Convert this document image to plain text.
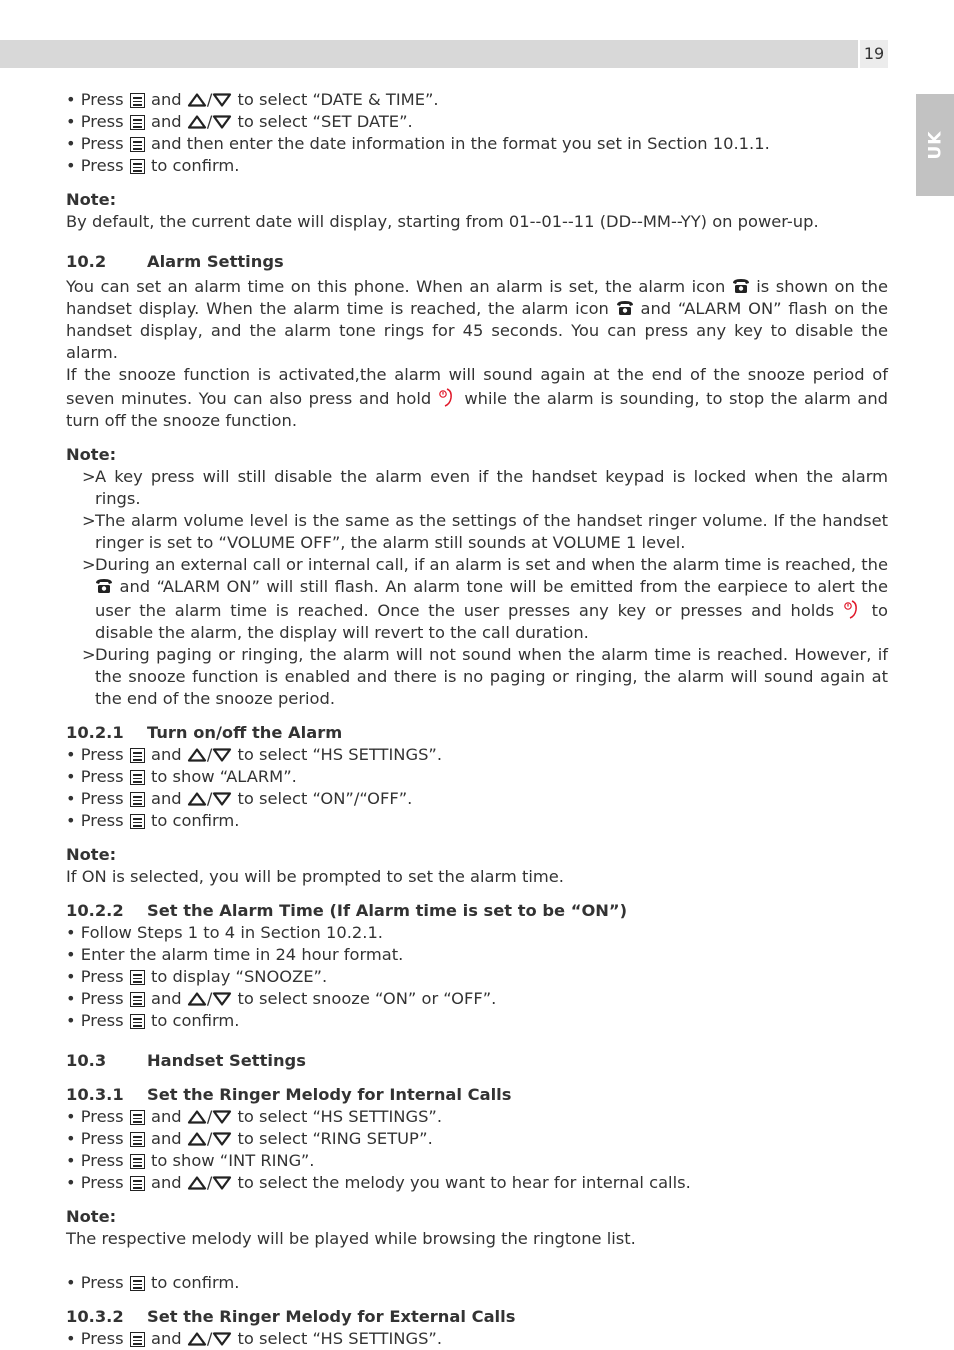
19
UK

• Press
and / to select “DATE & TIME”.

• Press
and / to select “SET DATE”.

• Press
and then enter the date information in the format you set in Section 10.1.1.

• Press
to confirm.

Note:

By default, the current date will display, starting from 01--01--11 (DD--MM--YY) on power-up.

10.2	Alarm Settings

You can set an alarm time on this phone. When an alarm is set, the alarm icon  is shown on the handset display. When the alarm time is reached, the alarm icon  and “ALARM ON” flash on the handset display, and the alarm tone rings for 45 seconds. You can press any key to disable the alarm.

If the snooze function is activated,the alarm will sound again at the end of the snooze period of seven minutes. You can also press and hold  while the alarm is sounding, to stop the alarm and turn off the snooze function.

Note:

> A key press will still disable the alarm even if the handset keypad is locked when the alarm rings.

> The alarm volume level is the same as the settings of the handset ringer volume. If the handset ringer is set to “VOLUME OFF”, the alarm still sounds at VOLUME 1 level.

> During an external call or internal call, if an alarm is set and when the alarm time is reached, the  and “ALARM ON” will still flash. An alarm tone will be emitted from the earpiece to alert the user the alarm time is reached. Once the user presses any key or presses and holds  to disable the alarm, the display will revert to the call duration.

> During paging or ringing, the alarm will not sound when the alarm time is reached. However, if the snooze function is enabled and there is no paging or ringing, the alarm will sound again at the end of the snooze period.

10.2.1 Turn on/off the Alarm

• Press
and / to select “HS SETTINGS”.

• Press
to show “ALARM”.

• Press
and / to select “ON”/“OFF”.

• Press
to confirm.

Note:

If ON is selected, you will be prompted to set the alarm time.

10.2.2 Set the Alarm Time (If Alarm time is set to be “ON”)

• Follow Steps 1 to 4 in Section 10.2.1.

• Enter the alarm time in 24 hour format.

• Press
to display “SNOOZE”.

• Press
and / to select snooze “ON” or “OFF”.

• Press
to confirm.

10.3	Handset Settings

10.3.1 Set the Ringer Melody for Internal Calls

• Press
and / to select “HS SETTINGS”.

• Press
and / to select “RING SETUP”.

• Press
to show “INT RING”.

• Press
and / to select the melody you want to hear for internal calls.

Note:

The respective melody will be played while browsing the ringtone list.

• Press
to confirm.

10.3.2 Set the Ringer Melody for External Calls

• Press
and / to select “HS SETTINGS”.
